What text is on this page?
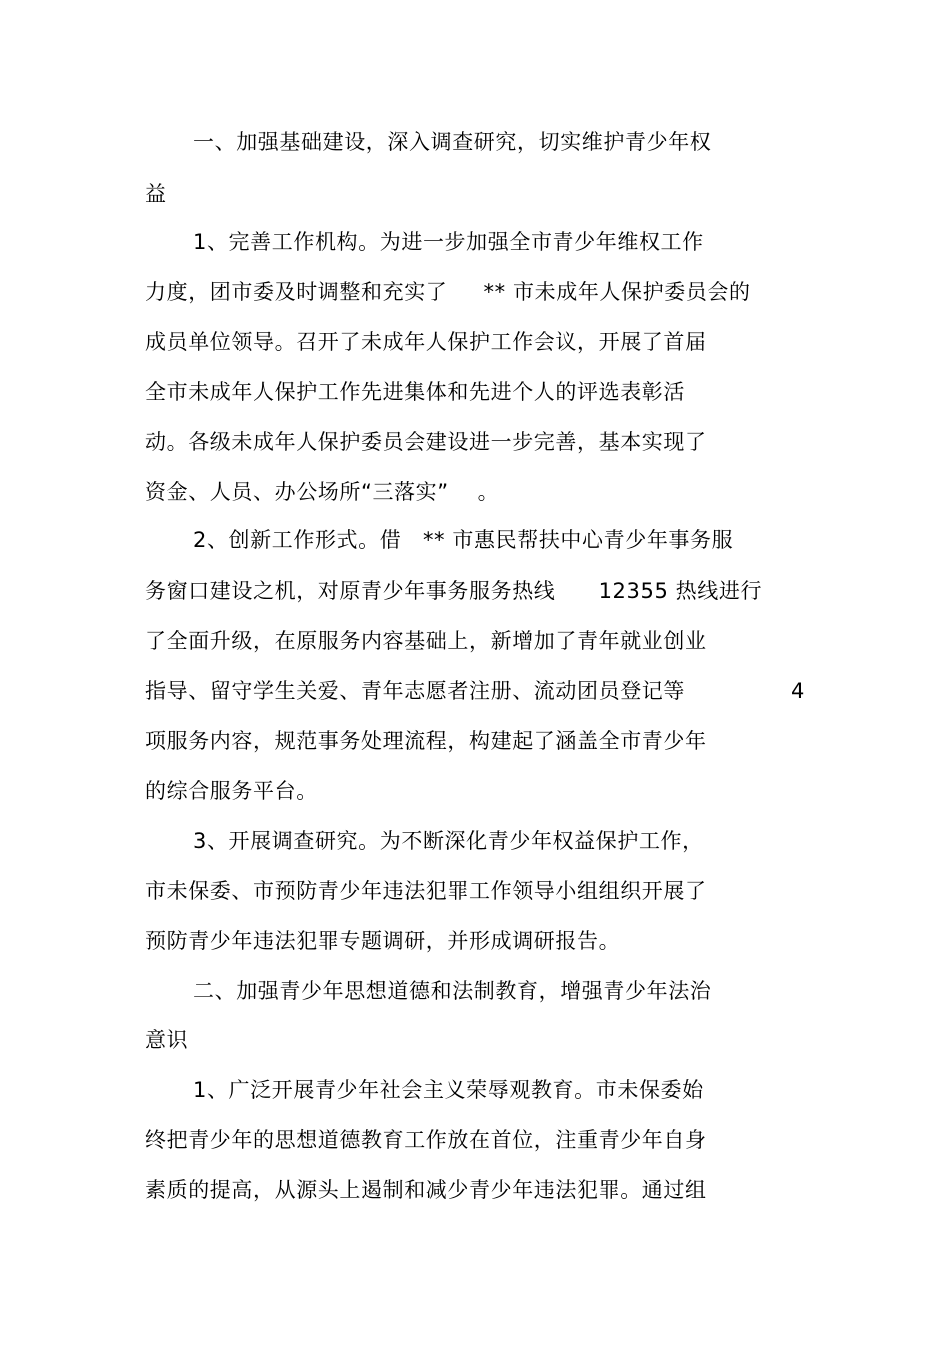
一、加强基础建设，深入调查研究，切实维护青少年权
益
1、完善工作机构。为进一步加强全市青少年维权工作
力度，团市委及时调整和充实了　  ** 市未成年人保护委员会的
成员单位领导。召开了未成年人保护工作会议，开展了首届
全市未成年人保护工作先进集体和先进个人的评选表彰活
动。各级未成年人保护委员会建设进一步完善，基本实现了
资金、人员、办公场所“三落实”　 。
2、创新工作形式。借　** 市惠民帮扶中心青少年事务服
务窗口建设之机，对原青少年事务服务热线　　12355 热线进行
了全面升级，在原服务内容基础上，新增加了青年就业创业
指导、留守学生关爱、青年志愿者注册、流动团员登记等	4
项服务内容，规范事务处理流程，构建起了涵盖全市青少年
的综合服务平台。
3、开展调查研究。为不断深化青少年权益保护工作，
市未保委、市预防青少年违法犯罪工作领导小组组织开展了
预防青少年违法犯罪专题调研，并形成调研报告。
二、加强青少年思想道德和法制教育，增强青少年法治
意识
1、广泛开展青少年社会主义荣辱观教育。市未保委始
终把青少年的思想道德教育工作放在首位，注重青少年自身
素质的提高，从源头上遏制和减少青少年违法犯罪。通过组
